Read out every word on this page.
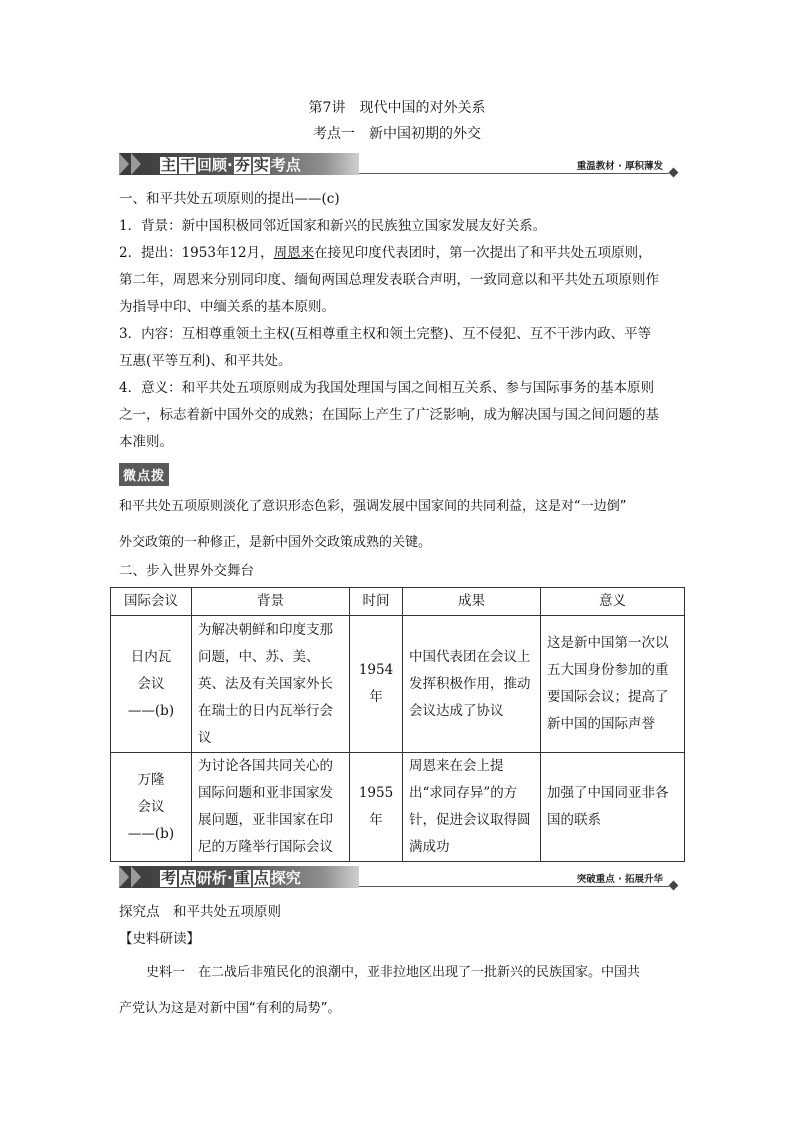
第7讲　现代中国的对外关系
考点一　新中国初期的外交
主 干 回顾· 夯 实 考点	重温教材 · 厚积薄发
一、和平共处五项原则的提出——(c)
1．背景：新中国积极同邻近国家和新兴的民族独立国家发展友好关系。
2．提出：1953年12月，周恩来在接见印度代表团时，第一次提出了和平共处五项原则，
第二年，周恩来分别同印度、缅甸两国总理发表联合声明，一致同意以和平共处五项原则作
为指导中印、中缅关系的基本原则。
3．内容：互相尊重领土主权(互相尊重主权和领土完整)、互不侵犯、互不干涉内政、平等
互惠(平等互利)、和平共处。
4．意义：和平共处五项原则成为我国处理国与国之间相互关系、参与国际事务的基本原则
之一，标志着新中国外交的成熟；在国际上产生了广泛影响，成为解决国与国之间问题的基
本准则。
微点拨
和平共处五项原则淡化了意识形态色彩，强调发展中国家间的共同利益，这是对“一边倒”
外交政策的一种修正，是新中国外交政策成熟的关键。
二、步入世界外交舞台
国际会议	背景	时间	成果	意义
日内瓦
会议
——(b)	为解决朝鲜和印度支那问题，中、苏、美、英、法及有关国家外长在瑞士的日内瓦举行会议	1954
年	中国代表团在会议上发挥积极作用，推动会议达成了协议	这是新中国第一次以五大国身份参加的重要国际会议；提高了新中国的国际声誉
万隆
会议
——(b)	为讨论各国共同关心的国际问题和亚非国家发展问题，亚非国家在印尼的万隆举行国际会议	1955
年	周恩来在会上提出“求同存异”的方针，促进会议取得圆满成功	加强了中国同亚非各国的联系
考 点 研析· 重 点 探究	突破重点 · 拓展升华
探究点　和平共处五项原则
【史料研读】
史料一　在二战后非殖民化的浪潮中，亚非拉地区出现了一批新兴的民族国家。中国共
产党认为这是对新中国“有利的局势”。
